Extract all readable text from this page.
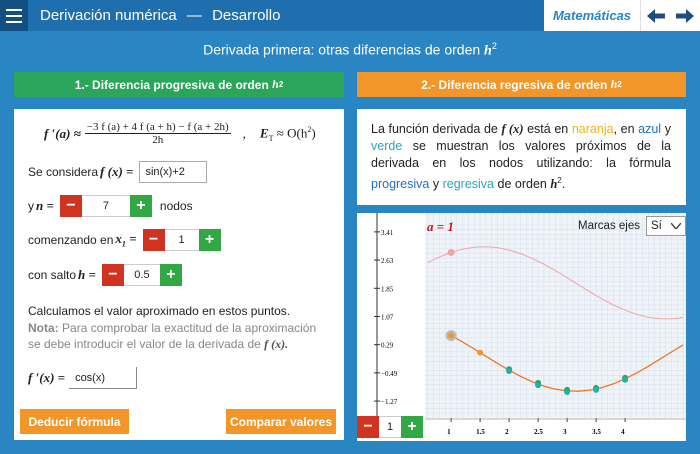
Derivación numérica — Desarrollo	Matemáticas
Derivada primera: otras diferencias de orden $h^2$
1.- Diferencia progresiva de orden
h 2	2.- Diferencia regresiva de orden
h 2
f $'(a) \approx \frac{-3 f (a) + 4 f (a + h) - f (a + 2h)}{2h}$ , $E_T \approx O(h^2)$
Se considera f (x) =	sin(x)+2
y n = −	7	+	nodos
comenzando en $x_1$ = −	1	+
con salto h = −	0.5	+
Calculamos el valor aproximado en estos puntos.
Nota: Para comprobar la exactitud de la aproximación se debe introducir el valor de la derivada de f (x).
f ′(x) = cos(x)
Deducir fórmula	Comparar valores

La función derivada de f (x) está en naranja, en azul y verde se muestran los valores próximos de la derivada en los nodos utilizando: la fórmula progresiva y regresiva de orden $h^2$.

3.41
2.63
1.85
1.07
0.29
−0.49
−1.27
1	1.5	2	2.5	3	3.5	4
a = 1	Marcas ejes Sí
−	1 +
